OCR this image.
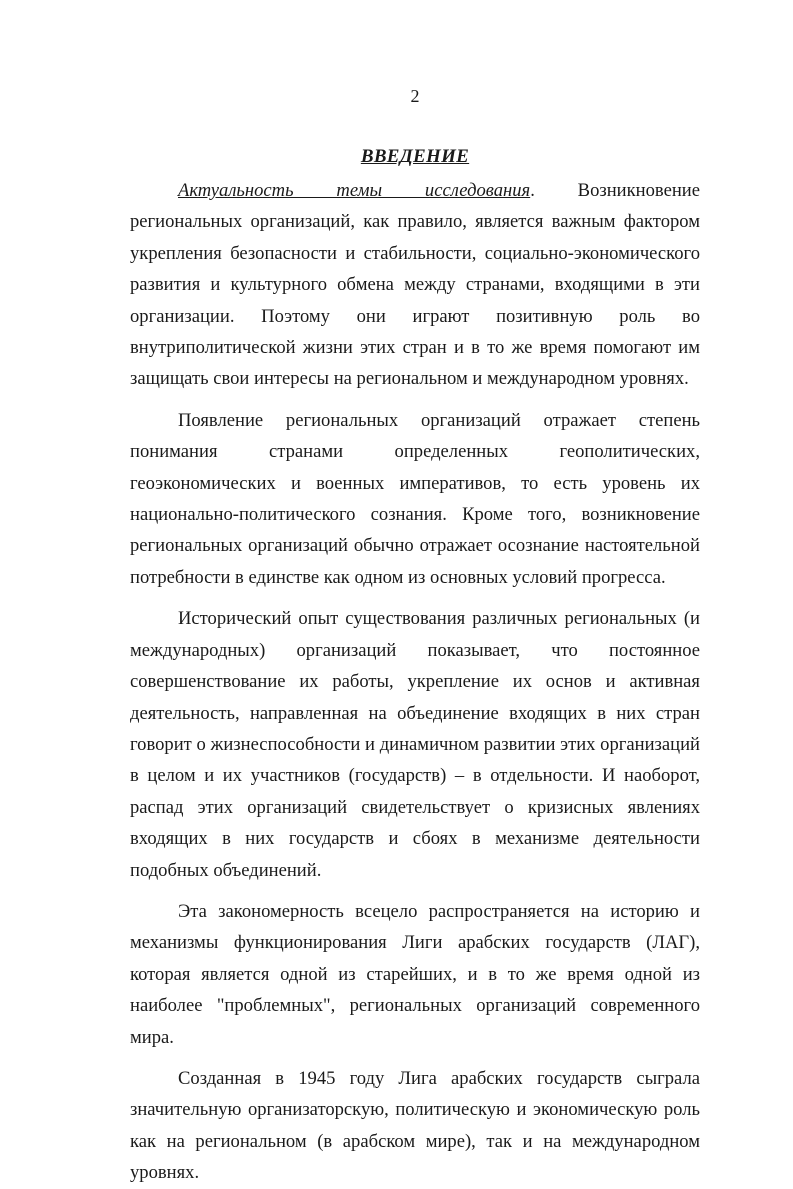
2
ВВЕДЕНИЕ

Актуальность темы исследования. Возникновение региональных организаций, как правило, является важным фактором укрепления безопасности и стабильности, социально-экономического развития и культурного обмена между странами, входящими в эти организации. Поэтому они играют позитивную роль во внутриполитической жизни этих стран и в то же время помогают им защищать свои интересы на региональном и международном уровнях.

Появление региональных организаций отражает степень понимания странами определенных геополитических, геоэкономических и военных императивов, то есть уровень их национально-политического сознания. Кроме того, возникновение региональных организаций обычно отражает осознание настоятельной потребности в единстве как одном из основных условий прогресса.

Исторический опыт существования различных региональных (и международных) организаций показывает, что постоянное совершенствование их работы, укрепление их основ и активная деятельность, направленная на объединение входящих в них стран говорит о жизнеспособности и динамичном развитии этих организаций в целом и их участников (государств) – в отдельности. И наоборот, распад этих организаций свидетельствует о кризисных явлениях входящих в них государств и сбоях в механизме деятельности подобных объединений.

Эта закономерность всецело распространяется на историю и механизмы функционирования Лиги арабских государств (ЛАГ), которая является одной из старейших, и в то же время одной из наиболее "проблемных", региональных организаций современного мира.

Созданная в 1945 году Лига арабских государств сыграла значительную организаторскую, политическую и экономическую роль как на региональном (в арабском мире), так и на международном уровнях.
